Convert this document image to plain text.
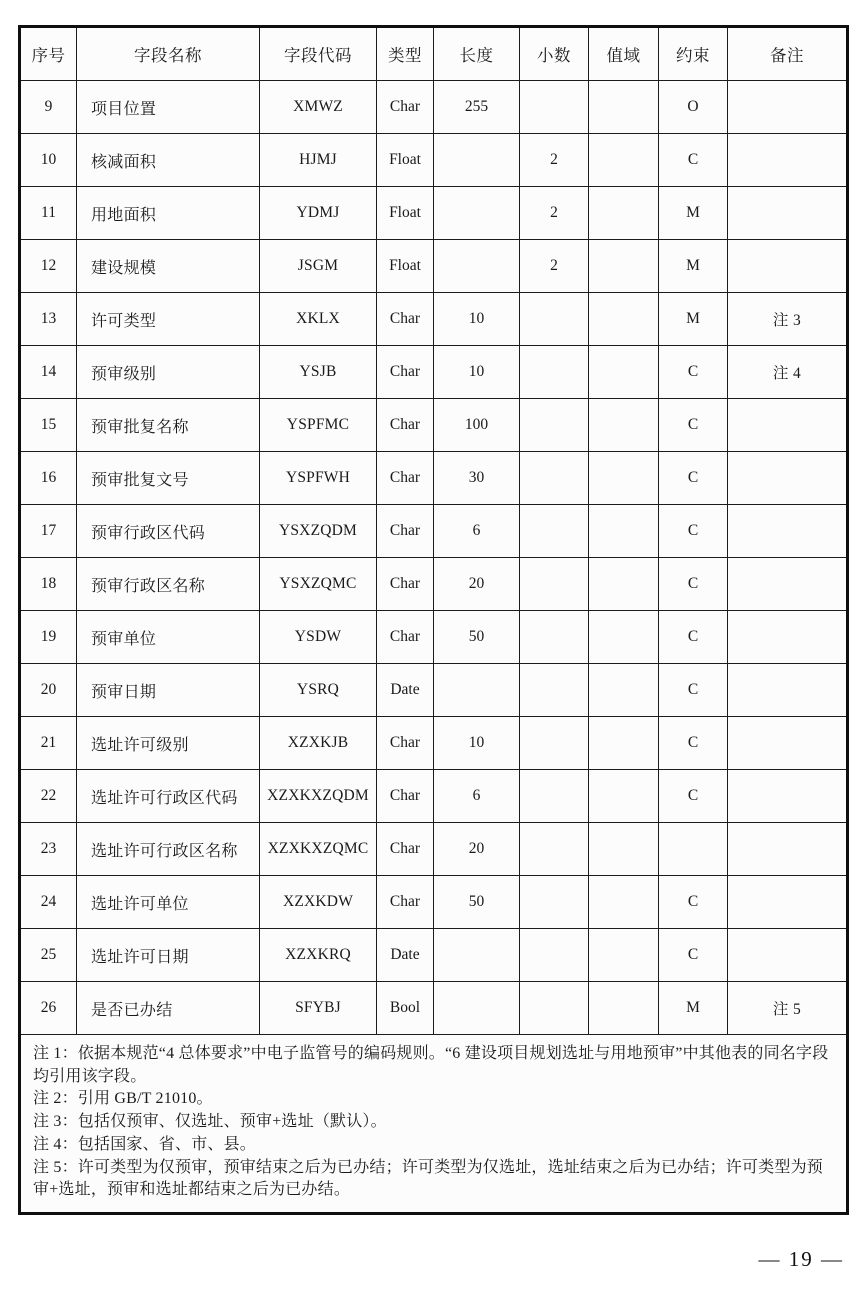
序号	字段名称	字段代码	类型	长度	小数	值域	约束	备注
9	项目位置	XMWZ	Char	255			O	
10	核减面积	HJMJ	Float		2		C	
11	用地面积	YDMJ	Float		2		M	
12	建设规模	JSGM	Float		2		M	
13	许可类型	XKLX	Char	10			M	注 3
14	预审级别	YSJB	Char	10			C	注 4
15	预审批复名称	YSPFMC	Char	100			C	
16	预审批复文号	YSPFWH	Char	30			C	
17	预审行政区代码	YSXZQDM	Char	6			C	
18	预审行政区名称	YSXZQMC	Char	20			C	
19	预审单位	YSDW	Char	50			C	
20	预审日期	YSRQ	Date				C	
21	选址许可级别	XZXKJB	Char	10			C	
22	选址许可行政区代码	XZXKXZQDM	Char	6			C	
23	选址许可行政区名称	XZXKXZQMC	Char	20				
24	选址许可单位	XZXKDW	Char	50			C	
25	选址许可日期	XZXKRQ	Date				C	
26	是否已办结	SFYBJ	Bool				M	注 5

注 1：依据本规范“4 总体要求”中电子监管号的编码规则。“6 建设项目规划选址与用地预审”中其他表的同名字段均引用该字段。
注 2：引用 GB/T 21010。
注 3：包括仅预审、仅选址、预审+选址（默认）。
注 4：包括国家、省、市、县。
注 5：许可类型为仅预审，预审结束之后为已办结；许可类型为仅选址，选址结束之后为已办结；许可类型为预审+选址，预审和选址都结束之后为已办结。								
— 19 —
